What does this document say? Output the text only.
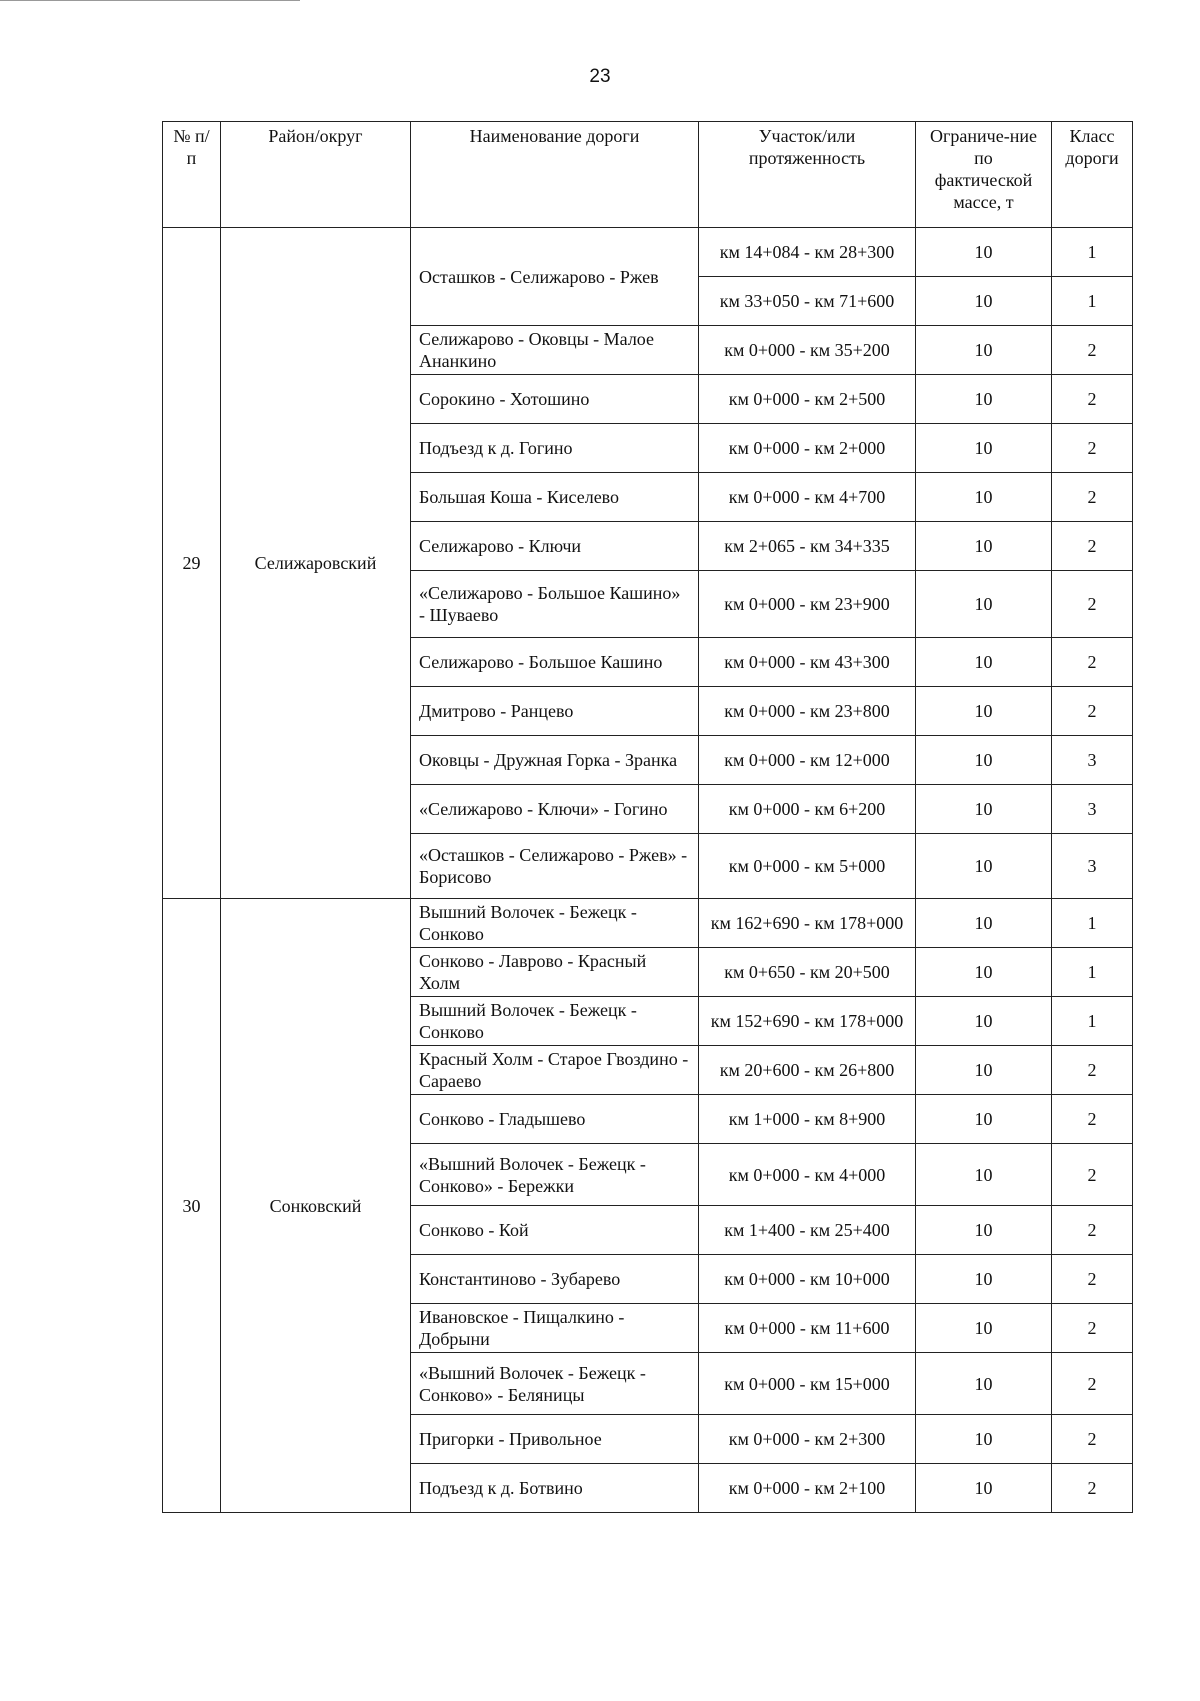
23
№ п/п	Район/округ	Наименование дороги	Участок/или протяженность	Ограниче-ние по фактической массе, т	Класс дороги
29	Селижаровский	Осташков - Селижарово - Ржев	км 14+084 - км 28+300	10	1
			км 33+050 - км 71+600	10	1
		Селижарово - Оковцы - Малое Ананкино	км 0+000 - км 35+200	10	2
		Сорокино - Хотошино	км 0+000 - км 2+500	10	2
		Подъезд к д. Гогино	км 0+000 - км 2+000	10	2
		Большая Коша - Киселево	км 0+000 - км 4+700	10	2
		Селижарово - Ключи	км 2+065 - км 34+335	10	2
		«Селижарово - Большое Кашино» - Шуваево	км 0+000 - км 23+900	10	2
		Селижарово - Большое Кашино	км 0+000 - км 43+300	10	2
		Дмитрово - Ранцево	км 0+000 - км 23+800	10	2
		Оковцы - Дружная Горка - Зранка	км 0+000 - км 12+000	10	3
		«Селижарово - Ключи» - Гогино	км 0+000 - км 6+200	10	3
		«Осташков - Селижарово - Ржев» - Борисово	км 0+000 - км 5+000	10	3
30	Сонковский	Вышний Волочек - Бежецк - Сонково	км 162+690 - км 178+000	10	1
		Сонково - Лаврово - Красный Холм	км 0+650 - км 20+500	10	1
		Вышний Волочек - Бежецк - Сонково	км 152+690 - км 178+000	10	1
		Красный Холм - Старое Гвоздино - Сараево	км 20+600 - км 26+800	10	2
		Сонково - Гладышево	км 1+000 - км 8+900	10	2
		«Вышний Волочек - Бежецк - Сонково» - Бережки	км 0+000 - км 4+000	10	2
		Сонково - Кой	км 1+400 - км 25+400	10	2
		Константиново - Зубарево	км 0+000 - км 10+000	10	2
		Ивановское - Пищалкино - Добрыни	км 0+000 - км 11+600	10	2
		«Вышний Волочек - Бежецк - Сонково» - Беляницы	км 0+000 - км 15+000	10	2
		Пригорки - Привольное	км 0+000 - км 2+300	10	2
		Подъезд к д. Ботвино	км 0+000 - км 2+100	10	2
